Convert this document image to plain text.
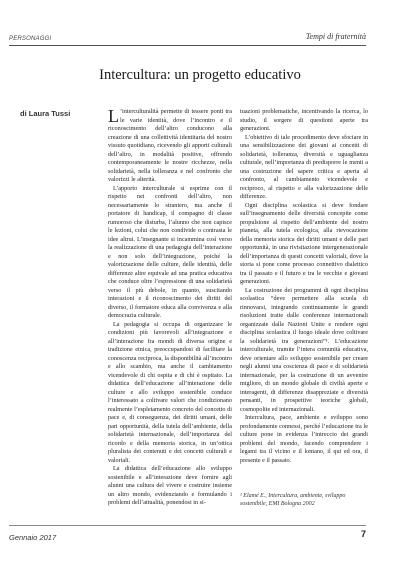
PERSONAGGI	Tempi di fraternità
Intercultura: un progetto educativo
di Laura Tussi	L ’interculturalità permette di tessere ponti tra le varie identità, dove l’incontro e il riconoscimento dell’altro conducono alla creazione di una collettività identitaria del nostro vissuto quotidiano, ricevendo gli apporti culturali dell’altro, in modalità positive, offrendo contemporaneamente le nostre ricchezze, nella solidarietà, nella tolleranza e nel confronto che valorizzi le alterità.

L’apporto interculturale si esprime con il rispetto nei confronti dell’altro, non necessariamente lo straniero, ma anche il portatore di handicap, il compagno di classe rumoroso che disturba, l’alunno che non capisce le lezioni, colui che non condivide o contrasta le idee altrui. L’insegnante si incammina così verso la realizzazione di una pedagogia dell’interazione e non solo dell’integrazione, poiché la valorizzazione delle culture, delle identità, delle differenze altre equivale ad una pratica educativa che conduce oltre l’espressione di una solidarietà verso il più debole, in quanto, suscitando interazioni e il riconoscimento dei diritti del diverso, il formatore educa alla convivenza e alla democrazia culturale.

La pedagogia si occupa di organizzare le condizioni più favorevoli all’integrazione e all’interazione fra mondi di diversa origine e tradizione etnica, preoccupandosi di facilitare la conoscenza reciproca, la disponibilità all’incontro e allo scambio, ma anche il cambiamento vicendevole di chi ospita e di chi è ospitato. La didattica dell’educazione all’interazione delle culture e allo sviluppo sostenibile conduce l’interessato a coltivare valori che condizionano realmente l’espletamento concreto del concetto di pace e, di conseguenza, dei diritti umani, delle pari opportunità, della tutela dell’ambiente, della solidarietà internazionale, dell’importanza del ricordo e della memoria storica, in un’ottica pluralista dei contenuti e dei concetti culturali e valoriali.

La didattica dell’educazione allo sviluppo sostenibile e all’interazione deve fornire agli alunni una cultura del vivere e costruire insieme un altro mondo, evidenziando e formulando i problemi dell’attualità, ponendosi in si-

tuazioni problematiche, incentivando la ricerca, lo studio, il sorgere di questioni aperte tra generazioni.

L’obiettivo di tale procedimento deve sfociare in una sensibilizzazione dei giovani ai concetti di solidarietà, tolleranza, diversità e uguaglianza culturale, nell’importanza di predisporre le menti a una costruzione del sapere critica e aperta al confronto, al cambiamento vicendevole e reciproco, al rispetto e alla valorizzazione delle differenze.

Ogni disciplina scolastica si deve fondare sull’insegnamento delle diversità concepite come propulsione al rispetto dell’ambiente del nostro pianeta, alla tutela ecologica, alla rievocazione della memoria storica dei diritti umani e delle pari opportunità, in una rivisitazione intergenerazionale dell’importanza di questi concetti valoriali, dove la storia si pone come processo connettivo dialettico tra il passato e il futuro e tra le vecchie e giovani generazioni.

La costruzione dei programmi di ogni disciplina scolastica “deve permettere alla scuola di rinnovarsi, integrando continuamente le grandi risoluzioni tratte dalle conferenze internazionali organizzate dalle Nazioni Unite e rendere ogni disciplina scolastica il luogo ideale dove coltivare la solidarietà tra generazioni”¹. L’educazione interculturale, tramite l’intera comunità educativa, deve orientare allo sviluppo sostenibile per creare negli alunni una coscienza di pace e di solidarietà internazionale, per la costruzione di un avvenire migliore, di un mondo globale di civiltà aperte e interagenti, di differenze disappreziate e diversità pensanti, in prospettive teoriche globali, cosmopolite ed internazionali.

Intercultura, pace, ambiente e sviluppo sono profondamente connessi, perché l’educazione tra le culture pone in evidenza l’intreccio dei grandi problemi del mondo, facendo comprendere i legami tra il vicino e il lontano, il qui ed ora, il presente e il passato.

¹ Elamé E., Intercultura, ambiente, sviluppo sostenibile, EMI Bologna 2002
Gennaio 2017	7
